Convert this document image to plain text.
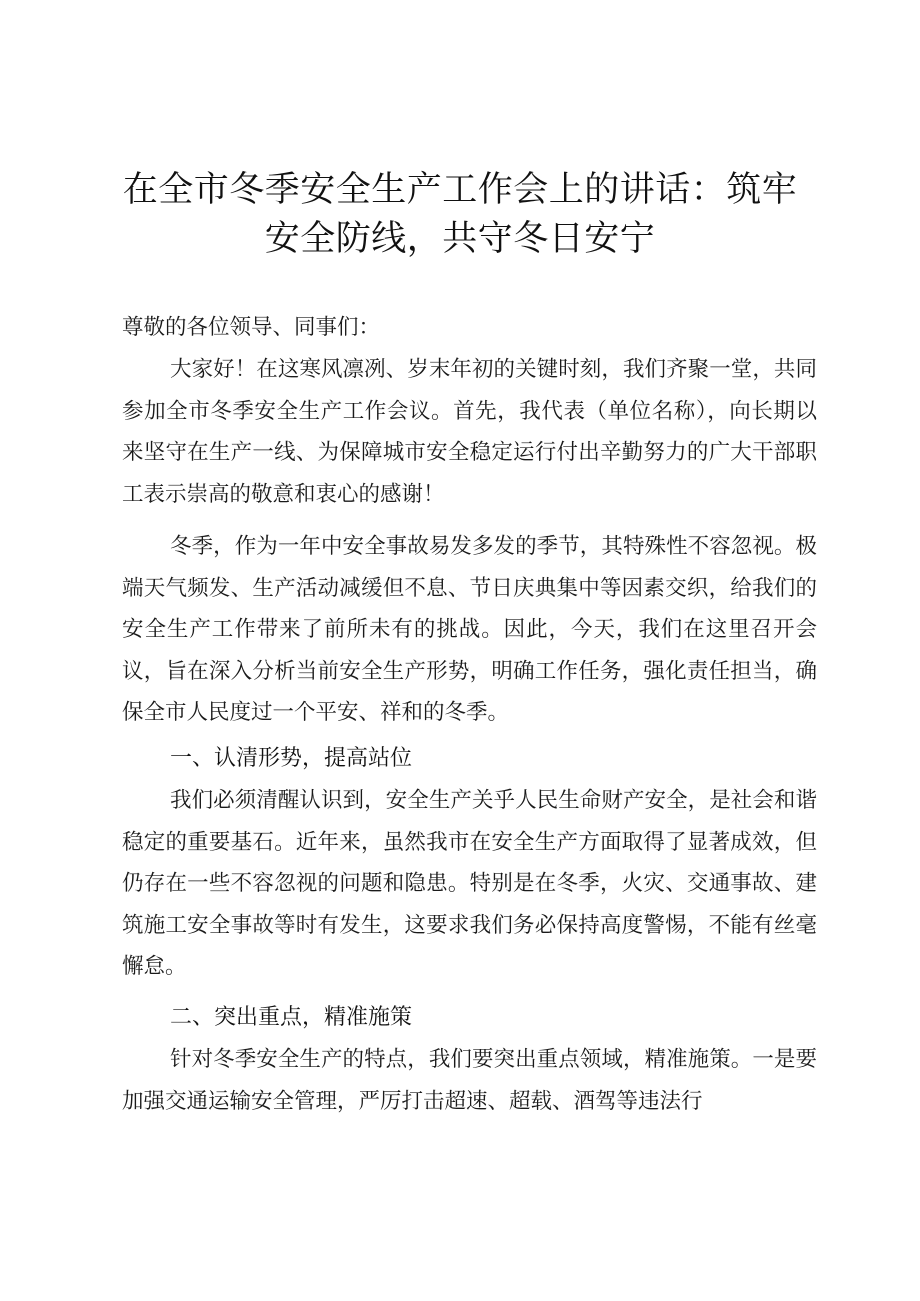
在全市冬季安全生产工作会上的讲话：筑牢安全防线，共守冬日安宁
尊敬的各位领导、同事们：
大家好！在这寒风凛冽、岁末年初的关键时刻，我们齐聚一堂，共同参加全市冬季安全生产工作会议。首先，我代表（单位名称），向长期以来坚守在生产一线、为保障城市安全稳定运行付出辛勤努力的广大干部职工表示崇高的敬意和衷心的感谢！
冬季，作为一年中安全事故易发多发的季节，其特殊性不容忽视。极端天气频发、生产活动减缓但不息、节日庆典集中等因素交织，给我们的安全生产工作带来了前所未有的挑战。因此，今天，我们在这里召开会议，旨在深入分析当前安全生产形势，明确工作任务，强化责任担当，确保全市人民度过一个平安、祥和的冬季。
一、认清形势，提高站位
我们必须清醒认识到，安全生产关乎人民生命财产安全，是社会和谐稳定的重要基石。近年来，虽然我市在安全生产方面取得了显著成效，但仍存在一些不容忽视的问题和隐患。特别是在冬季，火灾、交通事故、建筑施工安全事故等时有发生，这要求我们务必保持高度警惕，不能有丝毫懈怠。
二、突出重点，精准施策
针对冬季安全生产的特点，我们要突出重点领域，精准施策。一是要加强交通运输安全管理，严厉打击超速、超载、酒驾等违法行
